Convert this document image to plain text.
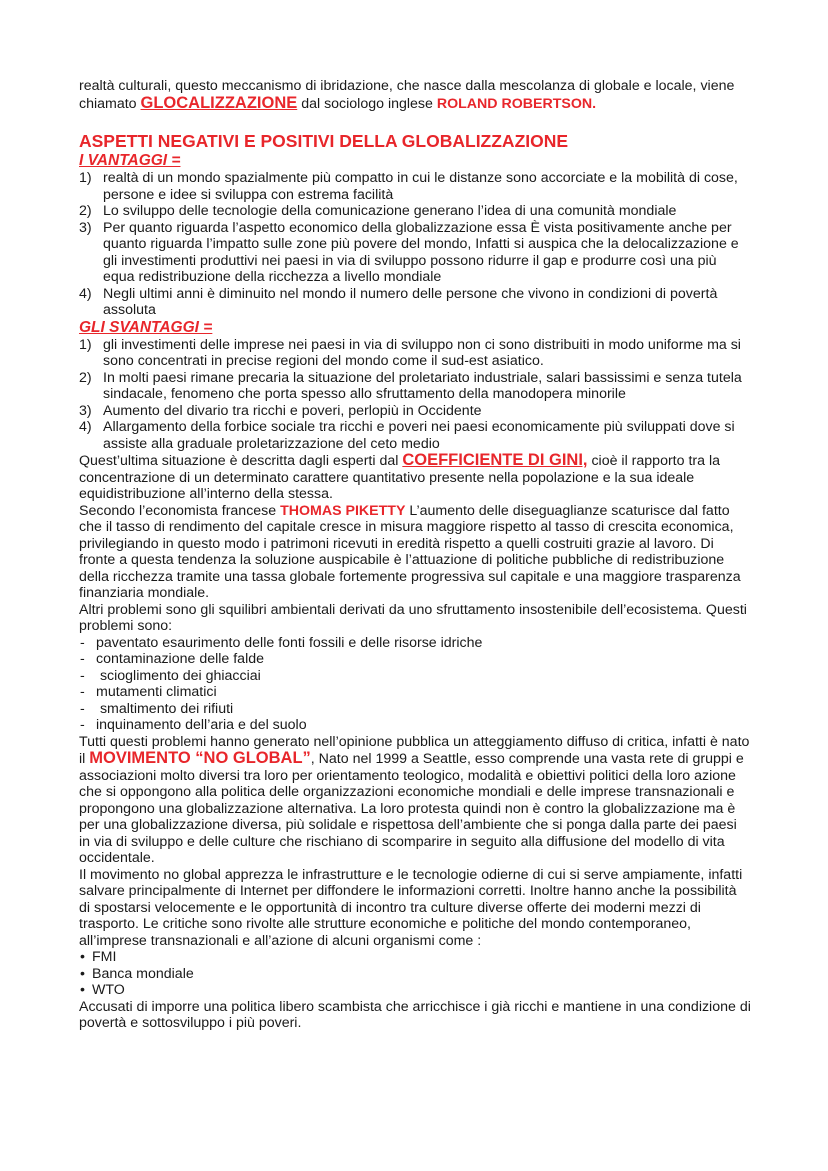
realtà culturali, questo meccanismo di ibridazione, che nasce dalla mescolanza di globale e locale, viene chiamato GLOCALIZZAZIONE dal sociologo inglese ROLAND ROBERTSON.

ASPETTI NEGATIVI E POSITIVI DELLA GLOBALIZZAZIONE
I VANTAGGI =
1) realtà di un mondo spazialmente più compatto in cui le distanze sono accorciate e la mobilità di cose, persone e idee si sviluppa con estrema facilità
2) Lo sviluppo delle tecnologie della comunicazione generano l’idea di una comunità mondiale
3) Per quanto riguarda l’aspetto economico della globalizzazione essa È vista positivamente anche per quanto riguarda l’impatto sulle zone più povere del mondo, Infatti si auspica che la delocalizzazione e gli investimenti produttivi nei paesi in via di sviluppo possono ridurre il gap e produrre così una più equa redistribuzione della ricchezza a livello mondiale
4) Negli ultimi anni è diminuito nel mondo il numero delle persone che vivono in condizioni di povertà assoluta
GLI SVANTAGGI =
1) gli investimenti delle imprese nei paesi in via di sviluppo non ci sono distribuiti in modo uniforme ma si sono concentrati in precise regioni del mondo come il sud-est asiatico.
2) In molti paesi rimane precaria la situazione del proletariato industriale, salari bassissimi e senza tutela sindacale, fenomeno che porta spesso allo sfruttamento della manodopera minorile
3) Aumento del divario tra ricchi e poveri, perlopiù in Occidente
4) Allargamento della forbice sociale tra ricchi e poveri nei paesi economicamente più sviluppati dove si assiste alla graduale proletarizzazione del ceto medio

Quest’ultima situazione è descritta dagli esperti dal COEFFICIENTE DI GINI, cioè il rapporto tra la concentrazione di un determinato carattere quantitativo presente nella popolazione e la sua ideale equidistribuzione all’interno della stessa.

Secondo l’economista francese THOMAS PIKETTY L’aumento delle diseguaglianze scaturisce dal fatto che il tasso di rendimento del capitale cresce in misura maggiore rispetto al tasso di crescita economica, privilegiando in questo modo i patrimoni ricevuti in eredità rispetto a quelli costruiti grazie al lavoro. Di fronte a questa tendenza la soluzione auspicabile è l’attuazione di politiche pubbliche di redistribuzione della ricchezza tramite una tassa globale fortemente progressiva sul capitale e una maggiore trasparenza finanziaria mondiale.

Altri problemi sono gli squilibri ambientali derivati da uno sfruttamento insostenibile dell’ecosistema. Questi problemi sono:

- paventato esaurimento delle fonti fossili e delle risorse idriche
- contaminazione delle falde
- scioglimento dei ghiacciai
- mutamenti climatici
- smaltimento dei rifiuti
- inquinamento dell’aria e del suolo

Tutti questi problemi hanno generato nell’opinione pubblica un atteggiamento diffuso di critica, infatti è nato il MOVIMENTO “NO GLOBAL”, Nato nel 1999 a Seattle, esso comprende una vasta rete di gruppi e associazioni molto diversi tra loro per orientamento teologico, modalità e obiettivi politici della loro azione che si oppongono alla politica delle organizzazioni economiche mondiali e delle imprese transnazionali e propongono una globalizzazione alternativa. La loro protesta quindi non è contro la globalizzazione ma è per una globalizzazione diversa, più solidale e rispettosa dell’ambiente che si ponga dalla parte dei paesi in via di sviluppo e delle culture che rischiano di scomparire in seguito alla diffusione del modello di vita occidentale.

Il movimento no global apprezza le infrastrutture e le tecnologie odierne di cui si serve ampiamente, infatti salvare principalmente di Internet per diffondere le informazioni corretti. Inoltre hanno anche la possibilità di spostarsi velocemente e le opportunità di incontro tra culture diverse offerte dei moderni mezzi di trasporto. Le critiche sono rivolte alle strutture economiche e politiche del mondo contemporaneo, all’imprese transnazionali e all’azione di alcuni organismi come :

• FMI
• Banca mondiale
• WTO

Accusati di imporre una politica libero scambista che arricchisce i già ricchi e mantiene in una condizione di povertà e sottosviluppo i più poveri.
